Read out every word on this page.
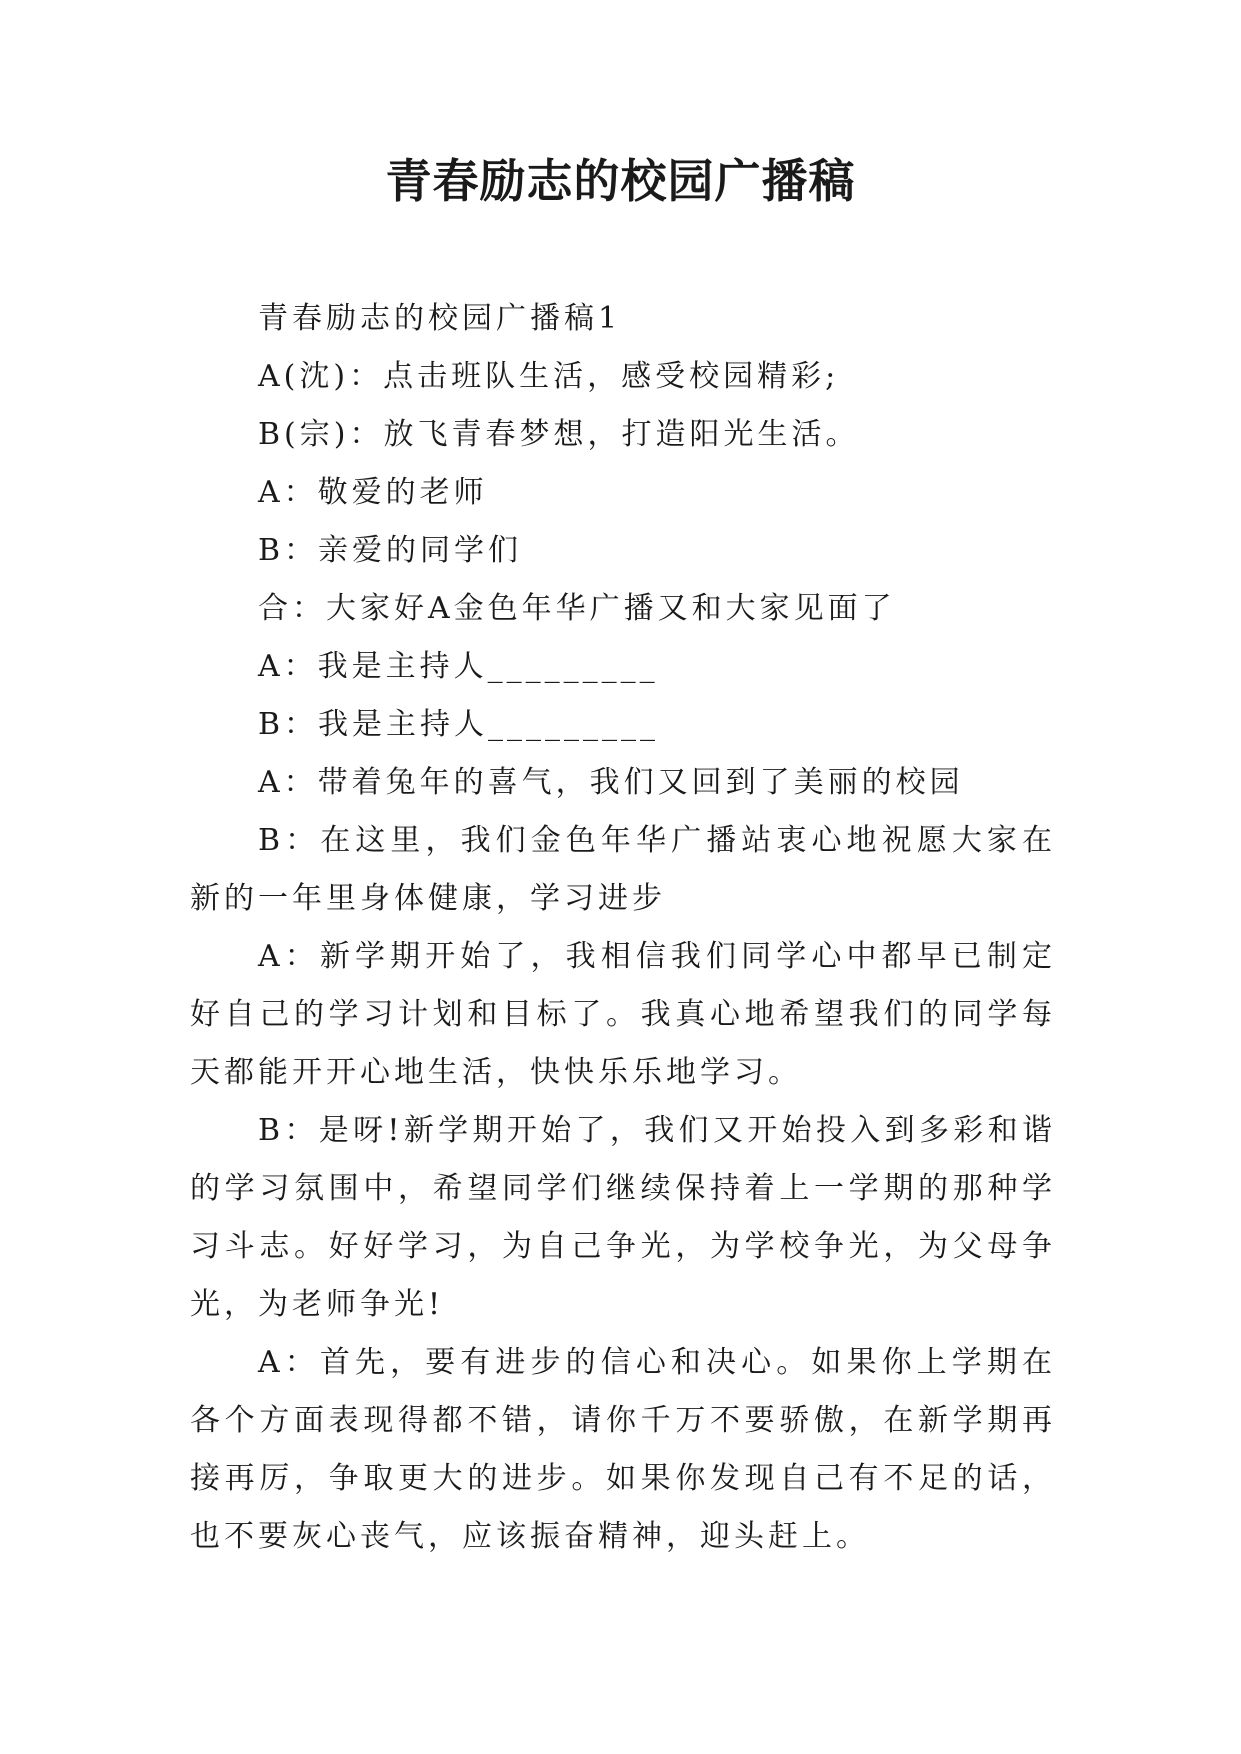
青春励志的校园广播稿

青春励志的校园广播稿1

A(沈)：点击班队生活，感受校园精彩;

B(宗)：放飞青春梦想，打造阳光生活。

A：敬爱的老师

B：亲爱的同学们

合：大家好A金色年华广播又和大家见面了

A：我是主持人_________

B：我是主持人_________

A：带着兔年的喜气，我们又回到了美丽的校园

B：在这里，我们金色年华广播站衷心地祝愿大家在新的一年里身体健康，学习进步

A：新学期开始了，我相信我们同学心中都早已制定好自己的学习计划和目标了。我真心地希望我们的同学每天都能开开心地生活，快快乐乐地学习。

B：是呀!新学期开始了，我们又开始投入到多彩和谐的学习氛围中，希望同学们继续保持着上一学期的那种学习斗志。好好学习，为自己争光，为学校争光，为父母争光，为老师争光!

A：首先，要有进步的信心和决心。如果你上学期在各个方面表现得都不错，请你千万不要骄傲，在新学期再接再厉，争取更大的进步。如果你发现自己有不足的话，也不要灰心丧气，应该振奋精神，迎头赶上。
